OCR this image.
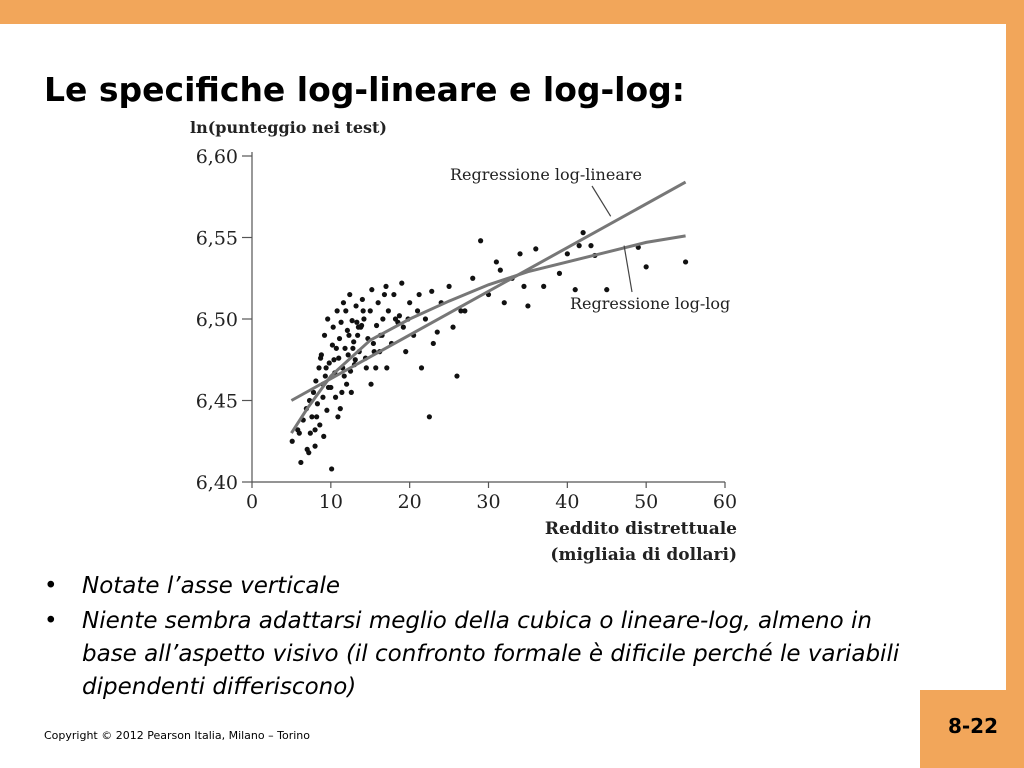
Le specifiche log-lineare e log-log:
6,40
6,45
6,50
6,55
6,60
0	10	20	30	40	50	60
ln(punteggio nei test)
Reddito distrettuale
(migliaia di dollari)
Regressione log-lineare
Regressione log-log
• Notate l’asse verticale
• Niente sembra adattarsi meglio della cubica o lineare-log, almeno in base all’aspetto visivo (il confronto formale è dificile perché le variabili dipendenti differiscono)
Copyright © 2012 Pearson Italia, Milano – Torino	8-22
